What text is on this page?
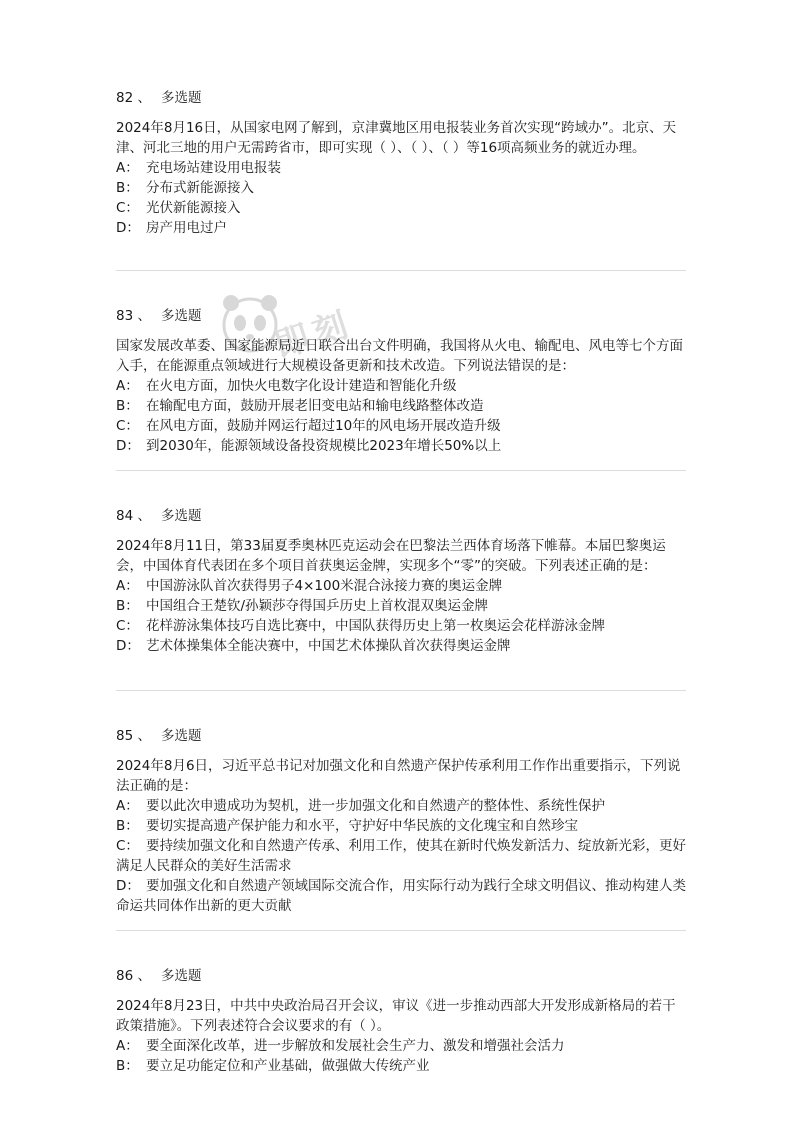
即刻
82 、 多选题

2024年8月16日，从国家电网了解到，京津冀地区用电报装业务首次实现“跨域办”。北京、天津、河北三地的用户无需跨省市，即可实现（ ）、（ ）、（ ）等16项高频业务的就近办理。

A： 充电场站建设用电报装
B： 分布式新能源接入
C： 光伏新能源接入
D： 房产用电过户
83 、 多选题

国家发展改革委、国家能源局近日联合出台文件明确，我国将从火电、输配电、风电等七个方面入手，在能源重点领域进行大规模设备更新和技术改造。下列说法错误的是：

A： 在火电方面，加快火电数字化设计建造和智能化升级
B： 在输配电方面，鼓励开展老旧变电站和输电线路整体改造
C： 在风电方面，鼓励并网运行超过10年的风电场开展改造升级
D： 到2030年，能源领域设备投资规模比2023年增长50%以上
84 、 多选题

2024年8月11日，第33届夏季奥林匹克运动会在巴黎法兰西体育场落下帷幕。本届巴黎奥运会，中国体育代表团在多个项目首获奥运金牌，实现多个“零”的突破。下列表述正确的是：

A： 中国游泳队首次获得男子4×100米混合泳接力赛的奥运金牌
B： 中国组合王楚钦/孙颖莎夺得国乒历史上首枚混双奥运金牌
C： 花样游泳集体技巧自选比赛中，中国队获得历史上第一枚奥运会花样游泳金牌
D： 艺术体操集体全能决赛中，中国艺术体操队首次获得奥运金牌
85 、 多选题

2024年8月6日，习近平总书记对加强文化和自然遗产保护传承利用工作作出重要指示，下列说法正确的是：

A： 要以此次申遗成功为契机，进一步加强文化和自然遗产的整体性、系统性保护
B： 要切实提高遗产保护能力和水平，守护好中华民族的文化瑰宝和自然珍宝
C： 要持续加强文化和自然遗产传承、利用工作，使其在新时代焕发新活力、绽放新光彩，更好满足人民群众的美好生活需求
D： 要加强文化和自然遗产领域国际交流合作，用实际行动为践行全球文明倡议、推动构建人类命运共同体作出新的更大贡献
86 、 多选题

2024年8月23日，中共中央政治局召开会议，审议《进一步推动西部大开发形成新格局的若干政策措施》。下列表述符合会议要求的有（ ）。

A： 要全面深化改革，进一步解放和发展社会生产力、激发和增强社会活力
B： 要立足功能定位和产业基础，做强做大传统产业
